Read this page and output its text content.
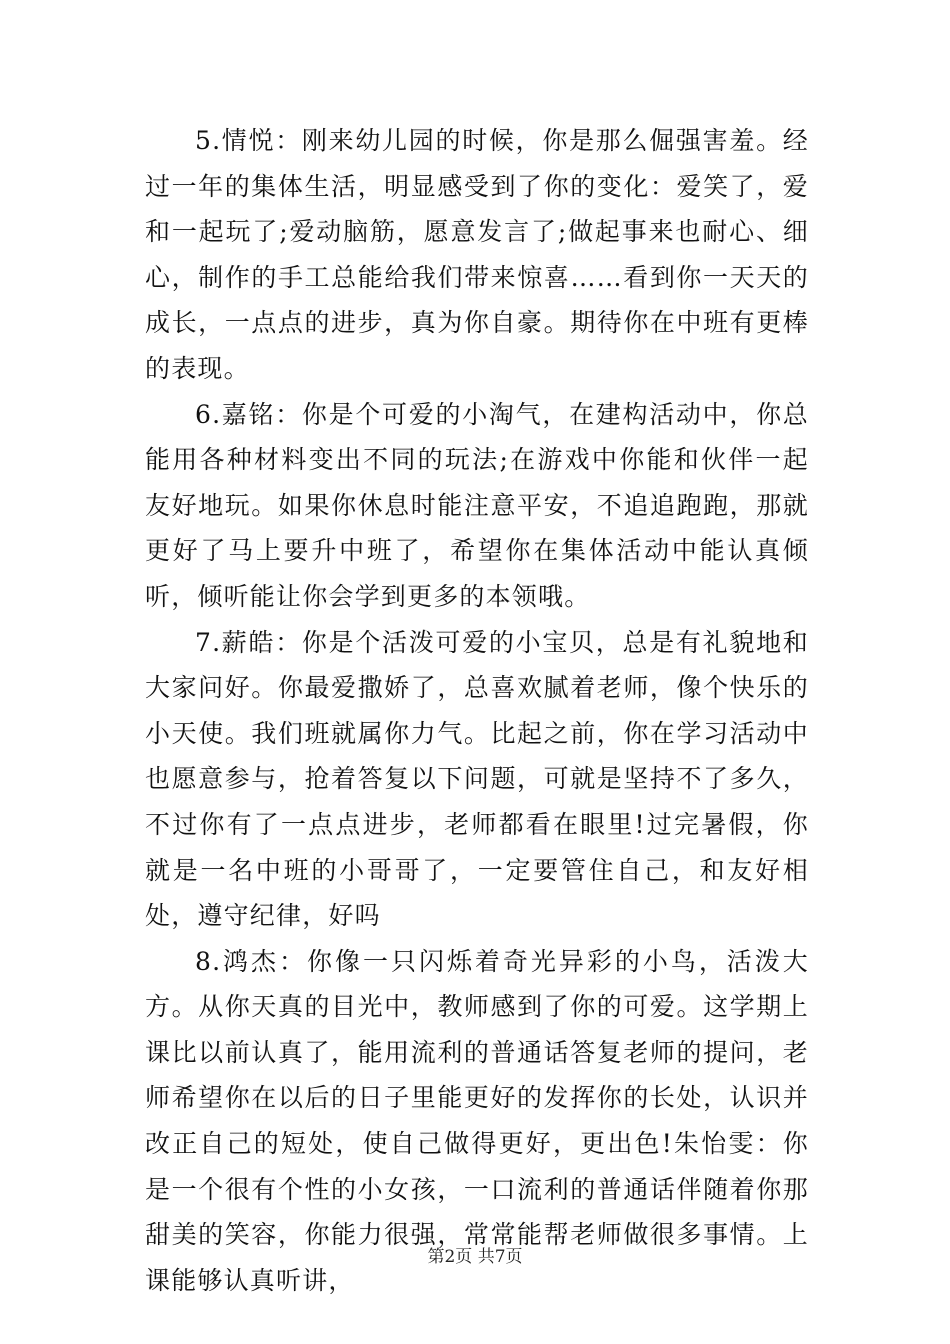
5.情悦：刚来幼儿园的时候，你是那么倔强害羞。经过一年的集体生活，明显感受到了你的变化：爱笑了，爱和一起玩了;爱动脑筋，愿意发言了;做起事来也耐心、细心，制作的手工总能给我们带来惊喜……看到你一天天的成长，一点点的进步，真为你自豪。期待你在中班有更棒的表现。

6.嘉铭：你是个可爱的小淘气，在建构活动中，你总能用各种材料变出不同的玩法;在游戏中你能和伙伴一起友好地玩。如果你休息时能注意平安，不追追跑跑，那就更好了马上要升中班了，希望你在集体活动中能认真倾听，倾听能让你会学到更多的本领哦。

7.薪皓：你是个活泼可爱的小宝贝，总是有礼貌地和大家问好。你最爱撒娇了，总喜欢腻着老师，像个快乐的小天使。我们班就属你力气。比起之前，你在学习活动中也愿意参与，抢着答复以下问题，可就是坚持不了多久，不过你有了一点点进步，老师都看在眼里!过完暑假，你就是一名中班的小哥哥了，一定要管住自己，和友好相处，遵守纪律，好吗

8.鸿杰：你像一只闪烁着奇光异彩的小鸟，活泼大方。从你天真的目光中，教师感到了你的可爱。这学期上课比以前认真了，能用流利的普通话答复老师的提问，老师希望你在以后的日子里能更好的发挥你的长处，认识并改正自己的短处，使自己做得更好，更出色!朱怡雯：你是一个很有个性的小女孩，一口流利的普通话伴随着你那甜美的笑容，你能力很强，常常能帮老师做很多事情。上课能够认真听讲，

第2页 共7页
